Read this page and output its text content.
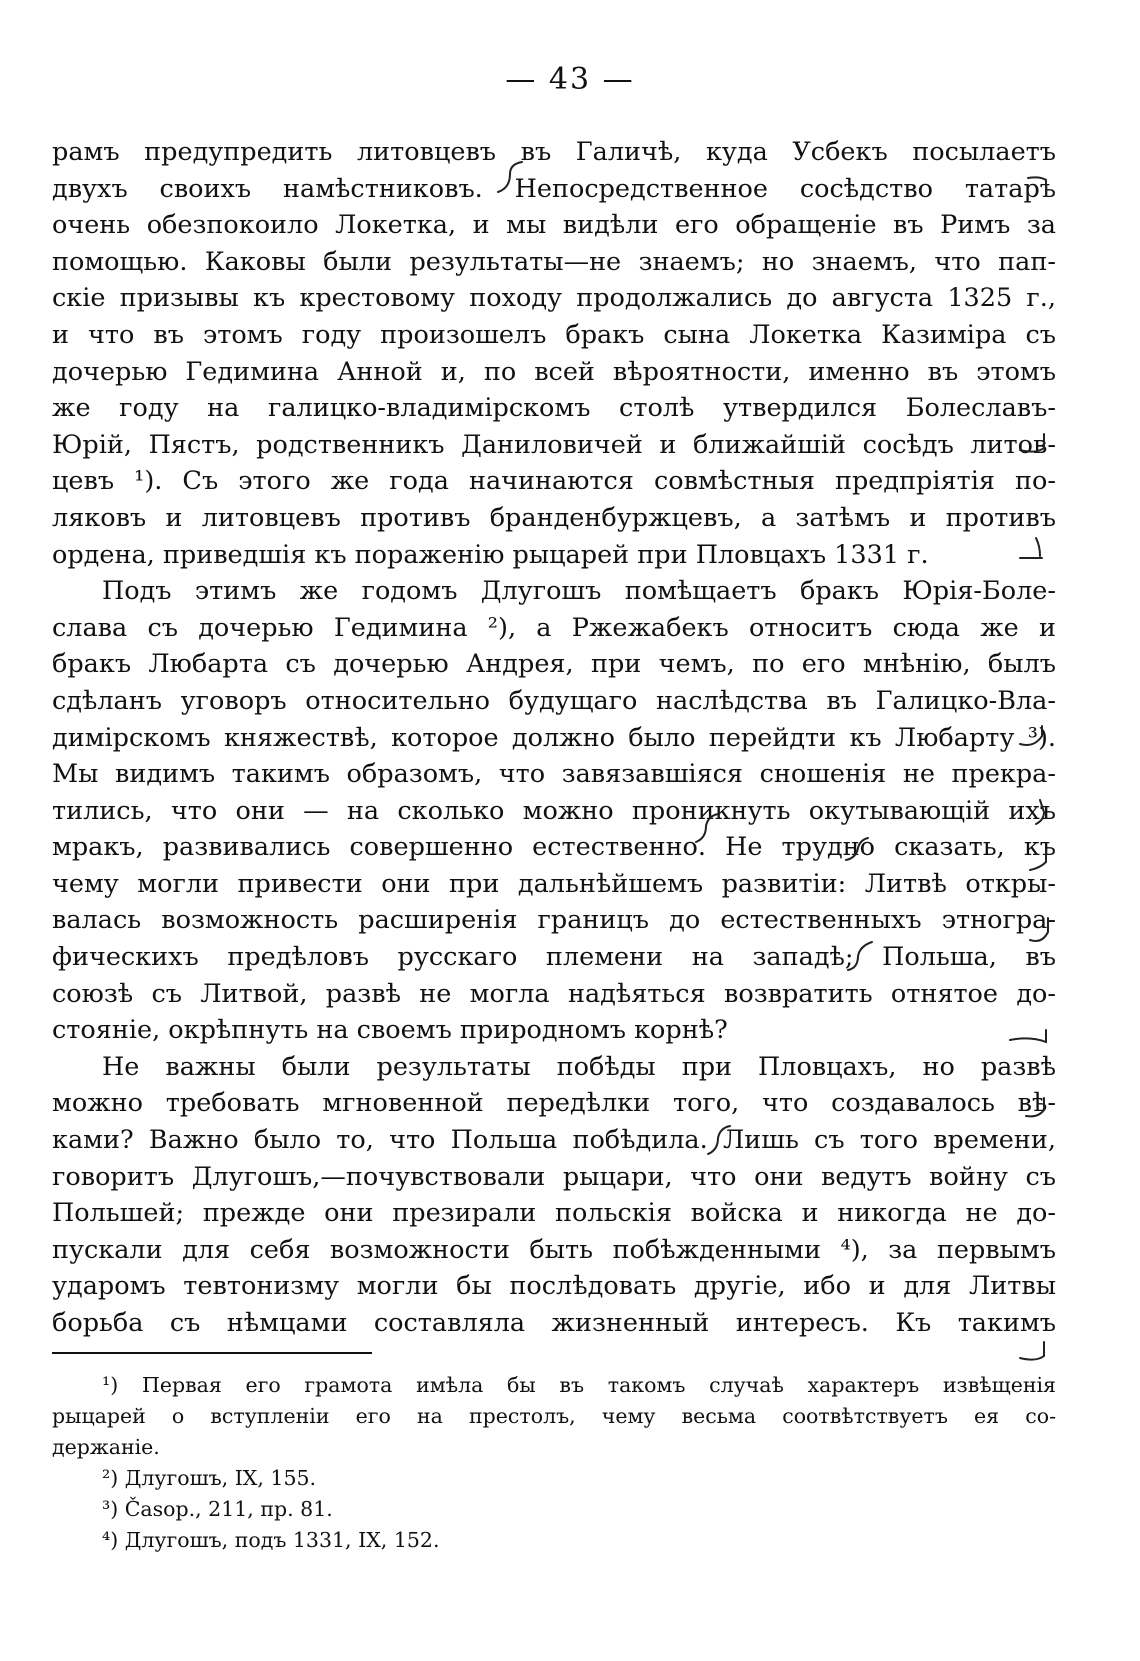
— 43 —
рамъ предупредить литовцевъ въ Галичѣ, куда Усбекъ посылаетъ
двухъ своихъ намѣстниковъ. Непосредственное сосѣдство татаръ
очень обезпокоило Локетка, и мы видѣли его обращеніе въ Римъ за
помощью. Каковы были результаты—не знаемъ; но знаемъ, что пап-
скіе призывы къ крестовому походу продолжались до августа 1325 г.,
и что въ этомъ году произошелъ бракъ сына Локетка Казиміра съ
дочерью Гедимина Анной и, по всей вѣроятности, именно въ этомъ
же году на галицко-владимірскомъ столѣ утвердился Болеславъ-
Юрій, Пястъ, родственникъ Даниловичей и ближайшій сосѣдъ литов-
цевъ ¹). Съ этого же года начинаются совмѣстныя предпріятія по-
ляковъ и литовцевъ противъ бранденбуржцевъ, а затѣмъ и противъ
ордена, приведшія къ пораженію рыцарей при Пловцахъ 1331 г.
Подъ этимъ же годомъ Длугошъ помѣщаетъ бракъ Юрія-Боле-
слава съ дочерью Гедимина ²), а Ржежабекъ относитъ сюда же и
бракъ Любарта съ дочерью Андрея, при чемъ, по его мнѣнію, былъ
сдѣланъ уговоръ относительно будущаго наслѣдства въ Галицко-Вла-
димірскомъ княжествѣ, которое должно было перейдти къ Любарту ³).
Мы видимъ такимъ образомъ, что завязавшіяся сношенія не прекра-
тились, что они — на сколько можно проникнуть окутывающій ихъ
мракъ, развивались совершенно естественно. Не трудно сказать, къ
чему могли привести они при дальнѣйшемъ развитіи: Литвѣ откры-
валась возможность расширенія границъ до естественныхъ этногра-
фическихъ предѣловъ русскаго племени на западѣ; Польша, въ
союзѣ съ Литвой, развѣ не могла надѣяться возвратить отнятое до-
стояніе, окрѣпнуть на своемъ природномъ корнѣ?
Не важны были результаты побѣды при Пловцахъ, но развѣ
можно требовать мгновенной передѣлки того, что создавалось вѣ-
ками? Важно было то, что Польша побѣдила. Лишь съ того времени,
говоритъ Длугошъ,—почувствовали рыцари, что они ведутъ войну съ
Польшей; прежде они презирали польскія войска и никогда не до-
пускали для себя возможности быть побѣжденными ⁴), за первымъ
ударомъ тевтонизму могли бы послѣдовать другіе, ибо и для Литвы
борьба съ нѣмцами составляла жизненный интересъ. Къ такимъ
¹) Первая его грамота имѣла бы въ такомъ случаѣ характеръ извѣщенія
рыцарей о вступленіи его на престолъ, чему весьма соотвѣтствуетъ ея со-
держаніе.
²) Длугошъ, IX, 155.
³) Časop., 211, пр. 81.
⁴) Длугошъ, подъ 1331, IX, 152.
